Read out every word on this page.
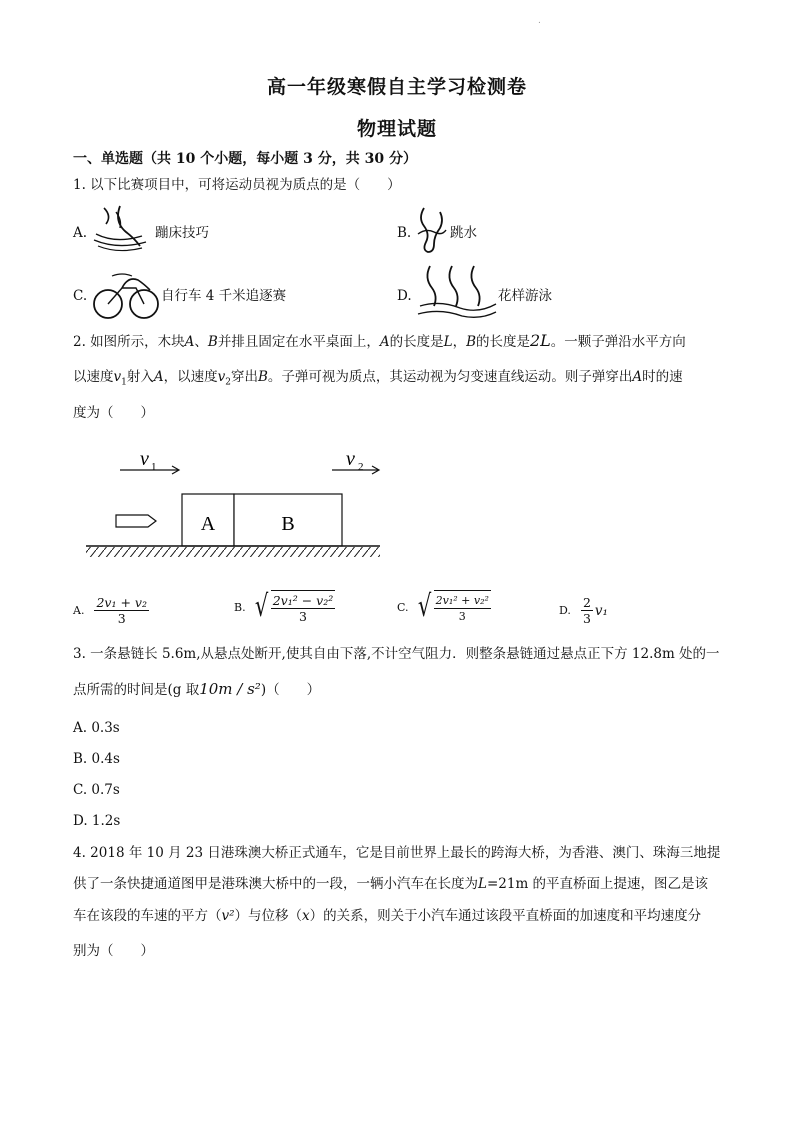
.
高一年级寒假自主学习检测卷
物理试题
一、单选题（共 10 个小题，每小题 3 分，共 30 分）
1. 以下比赛项目中，可将运动员视为质点的是（　　）
A.	蹦床技巧	B.	跳水
C.	自行车 4 千米追逐赛	D.	花样游泳
2. 如图所示，木块A、B并排且固定在水平桌面上，A的长度是L，B的长度是2L。一颗子弹沿水平方向
以速度$v_1$射入A，以速度$v_2$穿出B。子弹可视为质点，其运动视为匀变速直线运动。则子弹穿出A时的速
度为（　　）
v 1	v 2
A	B
A. $\frac{\text{2v₁ + v₂}}{3}$	B. √ $\frac{\text{2v₁² − v₂²}}{3}$	C. √ $\frac{\text{2v₁² + v₂²}}{3}$	D. $\frac{2}{3} v_1$
3. 一条悬链长 5.6m,从悬点处断开,使其自由下落,不计空气阻力．则整条悬链通过悬点正下方 12.8m 处的一
点所需的时间是(g 取10m / s²)（　　）
A. 0.3s
B. 0.4s
C. 0.7s
D. 1.2s
4. 2018 年 10 月 23 日港珠澳大桥正式通车，它是目前世界上最长的跨海大桥，为香港、澳门、珠海三地提
供了一条快捷通道图甲是港珠澳大桥中的一段，一辆小汽车在长度为L=21m 的平直桥面上提速，图乙是该
车在该段的车速的平方（v²）与位移（x）的关系，则关于小汽车通过该段平直桥面的加速度和平均速度分
别为（　　）
